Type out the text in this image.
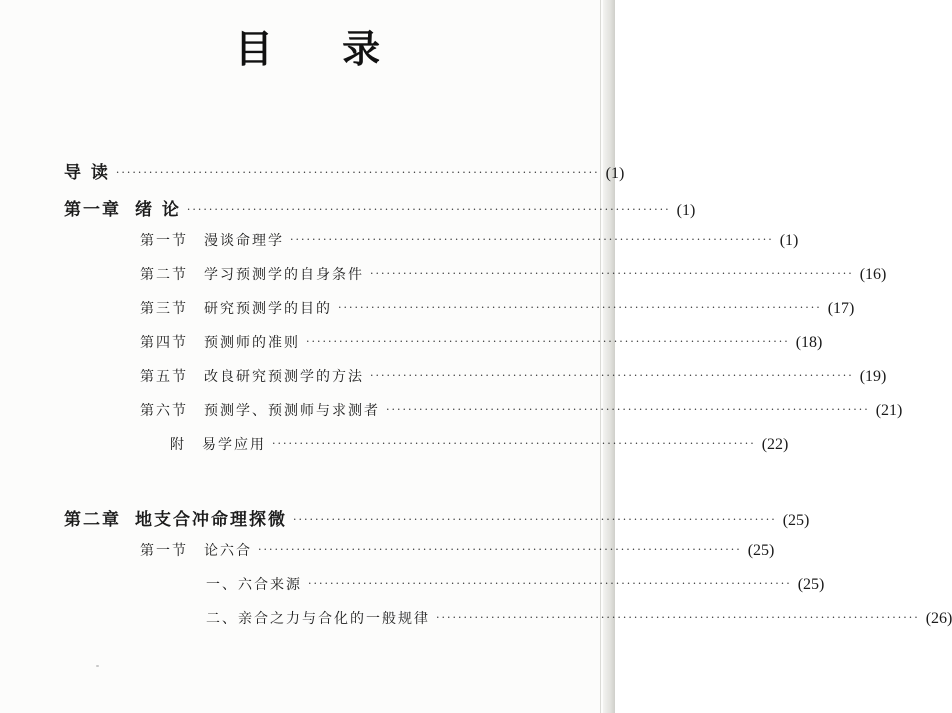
目 录
导 读 ························································································ (1)
第一章 绪 论 ························································································ (1)
第一节 漫谈命理学 ························································································ (1)
第二节 学习预测学的自身条件 ························································································ (16)
第三节 研究预测学的目的 ························································································ (17)
第四节 预测师的准则 ························································································ (18)
第五节 改良研究预测学的方法 ························································································ (19)
第六节 预测学、预测师与求测者 ························································································ (21)
附 易学应用 ························································································ (22)
第二章 地支合冲命理探微 ························································································ (25)
第一节 论六合 ························································································ (25)
一、六合来源 ························································································ (25)
二、亲合之力与合化的一般规律 ························································································ (26)
